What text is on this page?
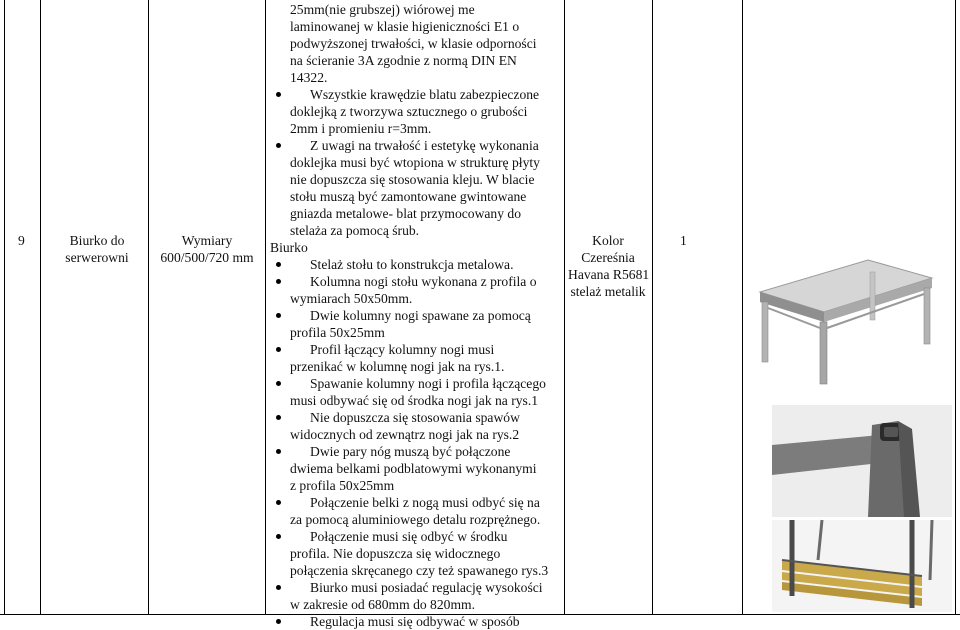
9	Biurko do
serwerowni
Wymiary
600/500/720 mm
25mm(nie grubszej) wiórowej me
laminowanej w klasie higieniczności E1 o
podwyższonej trwałości, w klasie odporności
na ścieranie 3A zgodnie z normą DIN EN
14322.
Wszystkie krawędzie blatu zabezpieczone
doklejką z tworzywa sztucznego o grubości
2mm i promieniu r=3mm.
Z uwagi na trwałość i estetykę wykonania
doklejka musi być wtopiona w strukturę płyty
nie dopuszcza się stosowania kleju. W blacie
stołu muszą być zamontowane gwintowane
gniazda metalowe- blat przymocowany do
stelaża za pomocą śrub.
Biurko
Stelaż stołu to konstrukcja metalowa.
Kolumna nogi stołu wykonana z profila o
wymiarach 50x50mm.
Dwie kolumny nogi spawane za pomocą
profila 50x25mm
Profil łączący kolumny nogi musi
przenikać w kolumnę nogi jak na rys.1.
Spawanie kolumny nogi i profila łączącego
musi odbywać się od środka nogi jak na rys.1
Nie dopuszcza się stosowania spawów
widocznych od zewnątrz nogi jak na rys.2
Dwie pary nóg muszą być połączone
dwiema belkami podblatowymi wykonanymi
z profila 50x25mm
Połączenie belki z nogą musi odbyć się na
za pomocą aluminiowego detalu rozprężnego.
Połączenie musi się odbyć w środku
profila. Nie dopuszcza się widocznego
połączenia skręcanego czy też spawanego rys.3
Biurko musi posiadać regulację wysokości
w zakresie od 680mm do 820mm.
Regulacja musi się odbywać w sposób
Kolor
Czereśnia
Havana R5681
stelaż metalik
1
